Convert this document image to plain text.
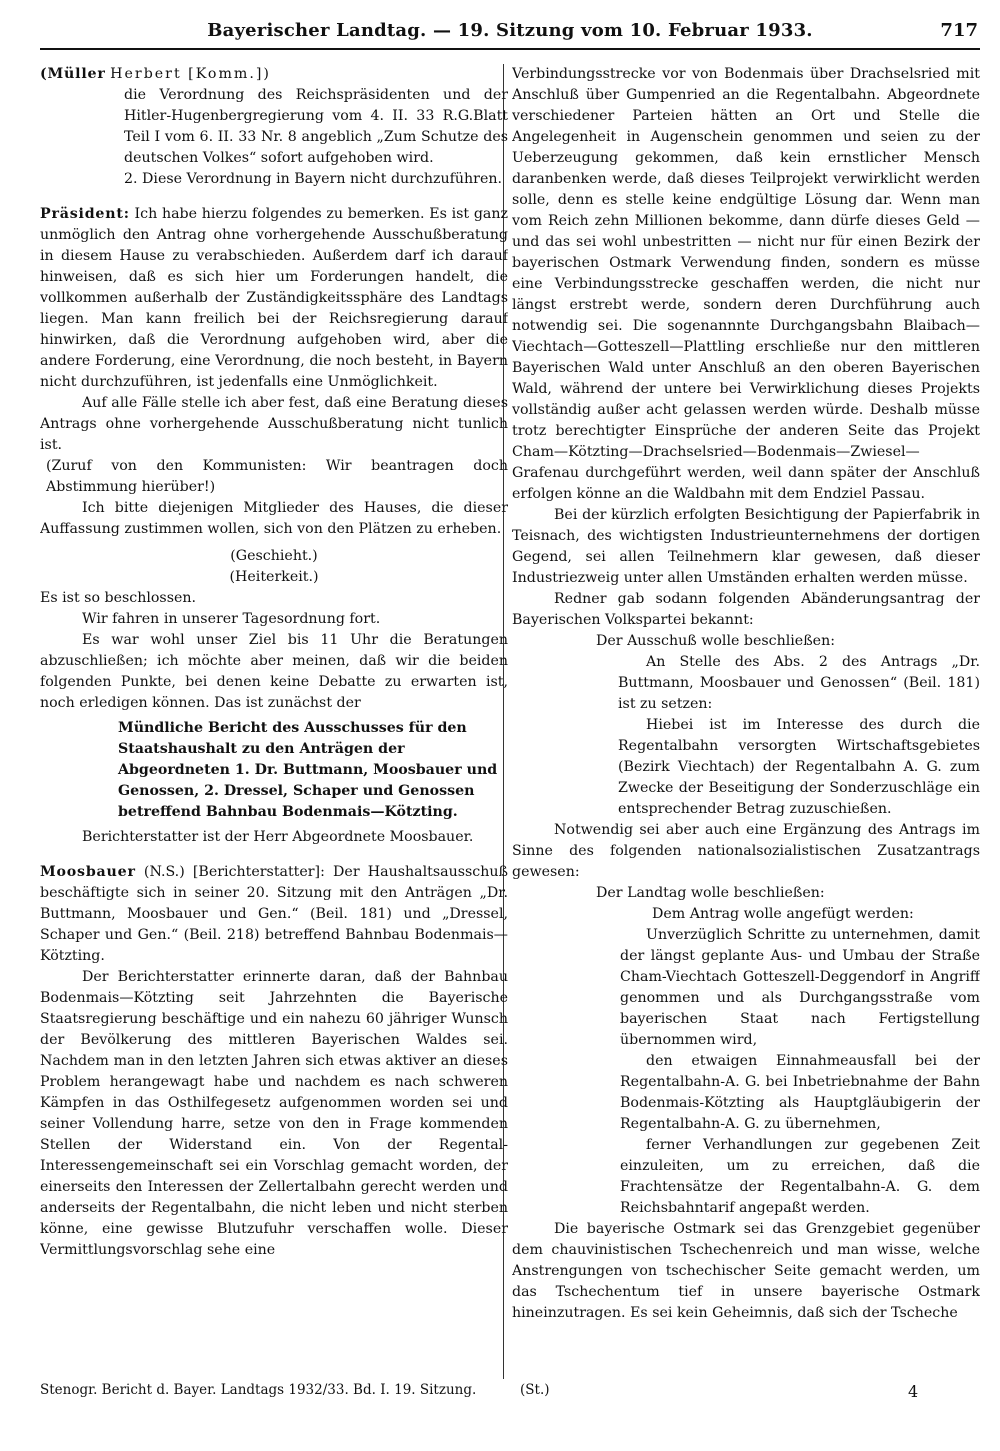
Bayerischer Landtag. — 19. Sitzung vom 10. Februar 1933.	717

(Müller Herbert [Komm.])

die Verordnung des Reichspräsidenten und der Hitler-Hugenbergregierung vom 4. II. 33 R.G.Blatt Teil I vom 6. II. 33 Nr. 8 angeblich „Zum Schutze des deutschen Volkes“ sofort aufgehoben wird.

2. Diese Verordnung in Bayern nicht durchzuführen.

Präsident: Ich habe hierzu folgendes zu bemerken. Es ist ganz unmöglich den Antrag ohne vorhergehende Ausschußberatung in diesem Hause zu verabschieden. Außerdem darf ich darauf hinweisen, daß es sich hier um Forderungen handelt, die vollkommen außerhalb der Zuständigkeitssphäre des Landtags liegen. Man kann freilich bei der Reichsregierung darauf hinwirken, daß die Verordnung aufgehoben wird, aber die andere Forderung, eine Verordnung, die noch besteht, in Bayern nicht durchzuführen, ist jedenfalls eine Unmöglichkeit.

Auf alle Fälle stelle ich aber fest, daß eine Beratung dieses Antrags ohne vorhergehende Ausschußberatung nicht tunlich ist.

(Zuruf von den Kommunisten: Wir beantragen doch Abstimmung hierüber!)

Ich bitte diejenigen Mitglieder des Hauses, die dieser Auffassung zustimmen wollen, sich von den Plätzen zu erheben.

(Geschieht.)

(Heiterkeit.)

Es ist so beschlossen.

Wir fahren in unserer Tagesordnung fort.

Es war wohl unser Ziel bis 11 Uhr die Beratungen abzuschließen; ich möchte aber meinen, daß wir die beiden folgenden Punkte, bei denen keine Debatte zu erwarten ist, noch erledigen können. Das ist zunächst der

Mündliche Bericht des Ausschusses für den Staatshaushalt zu den Anträgen der Abgeordneten 1. Dr. Buttmann, Moosbauer und Genossen, 2. Dressel, Schaper und Genossen betreffend Bahnbau Bodenmais—Kötzting.

Berichterstatter ist der Herr Abgeordnete Moosbauer.

Moosbauer (N.S.) [Berichterstatter]: Der Haushaltsausschuß beschäftigte sich in seiner 20. Sitzung mit den Anträgen „Dr. Buttmann, Moosbauer und Gen.“ (Beil. 181) und „Dressel, Schaper und Gen.“ (Beil. 218) betreffend Bahnbau Bodenmais—Kötzting.

Der Berichterstatter erinnerte daran, daß der Bahnbau Bodenmais—Kötzting seit Jahrzehnten die Bayerische Staatsregierung beschäftige und ein nahezu 60 jähriger Wunsch der Bevölkerung des mittleren Bayerischen Waldes sei. Nachdem man in den letzten Jahren sich etwas aktiver an dieses Problem herangewagt habe und nachdem es nach schweren Kämpfen in das Osthilfegesetz aufgenommen worden sei und seiner Vollendung harre, setze von den in Frage kommenden Stellen der Widerstand ein. Von der Regental-Interessengemeinschaft sei ein Vorschlag gemacht worden, der einerseits den Interessen der Zellertalbahn gerecht werden und anderseits der Regentalbahn, die nicht leben und nicht sterben könne, eine gewisse Blutzufuhr verschaffen wolle. Dieser Vermittlungsvorschlag sehe eine

Verbindungsstrecke vor von Bodenmais über Drachselsried mit Anschluß über Gumpenried an die Regentalbahn. Abgeordnete verschiedener Parteien hätten an Ort und Stelle die Angelegenheit in Augenschein genommen und seien zu der Ueberzeugung gekommen, daß kein ernstlicher Mensch daranbenken werde, daß dieses Teilprojekt verwirklicht werden solle, denn es stelle keine endgültige Lösung dar. Wenn man vom Reich zehn Millionen bekomme, dann dürfe dieses Geld — und das sei wohl unbestritten — nicht nur für einen Bezirk der bayerischen Ostmark Verwendung finden, sondern es müsse eine Verbindungsstrecke geschaffen werden, die nicht nur längst erstrebt werde, sondern deren Durchführung auch notwendig sei. Die sogenannnte Durchgangsbahn Blaibach—Viechtach—Gotteszell—Plattling erschließe nur den mittleren Bayerischen Wald unter Anschluß an den oberen Bayerischen Wald, während der untere bei Verwirklichung dieses Projekts vollständig außer acht gelassen werden würde. Deshalb müsse trotz berechtigter Einsprüche der anderen Seite das Projekt Cham—Kötzting—Drachselsried—Bodenmais—Zwiesel—Grafenau durchgeführt werden, weil dann später der Anschluß erfolgen könne an die Waldbahn mit dem Endziel Passau.

Bei der kürzlich erfolgten Besichtigung der Papierfabrik in Teisnach, des wichtigsten Industrieunternehmens der dortigen Gegend, sei allen Teilnehmern klar gewesen, daß dieser Industriezweig unter allen Umständen erhalten werden müsse.

Redner gab sodann folgenden Abänderungsantrag der Bayerischen Volkspartei bekannt:

Der Ausschuß wolle beschließen:

An Stelle des Abs. 2 des Antrags „Dr. Buttmann, Moosbauer und Genossen“ (Beil. 181) ist zu setzen:

Hiebei ist im Interesse des durch die Regentalbahn versorgten Wirtschaftsgebietes (Bezirk Viechtach) der Regentalbahn A. G. zum Zwecke der Beseitigung der Sonderzuschläge ein entsprechender Betrag zuzuschießen.

Notwendig sei aber auch eine Ergänzung des Antrags im Sinne des folgenden nationalsozialistischen Zusatzantrags gewesen:

Der Landtag wolle beschließen:

Dem Antrag wolle angefügt werden:

Unverzüglich Schritte zu unternehmen, damit der längst geplante Aus- und Umbau der Straße Cham-Viechtach Gotteszell-Deggendorf in Angriff genommen und als Durchgangsstraße vom bayerischen Staat nach Fertigstellung übernommen wird,

den etwaigen Einnahmeausfall bei der Regentalbahn-A. G. bei Inbetriebnahme der Bahn Bodenmais-Kötzting als Hauptgläubigerin der Regentalbahn-A. G. zu übernehmen,

ferner Verhandlungen zur gegebenen Zeit einzuleiten, um zu erreichen, daß die Frachtensätze der Regentalbahn-A. G. dem Reichsbahntarif angepaßt werden.

Die bayerische Ostmark sei das Grenzgebiet gegenüber dem chauvinistischen Tschechenreich und man wisse, welche Anstrengungen von tschechischer Seite gemacht werden, um das Tschechentum tief in unsere bayerische Ostmark hineinzutragen. Es sei kein Geheimnis, daß sich der Tscheche

Stenogr. Bericht d. Bayer. Landtags 1932/33. Bd. I. 19. Sitzung.	(St.)	4
